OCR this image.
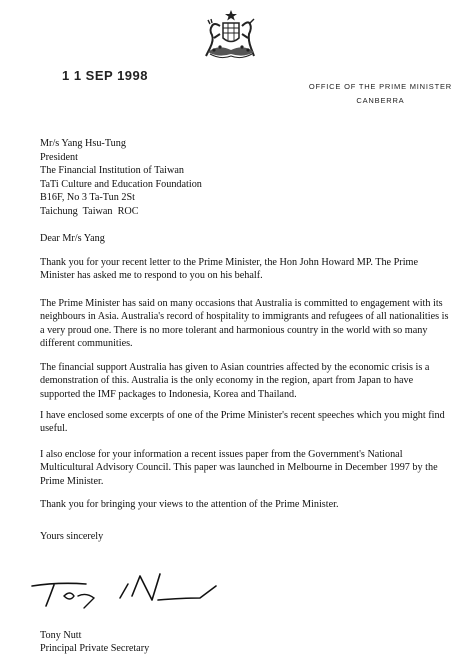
1 1 SEP 1998
OFFICE OF THE PRIME MINISTER
CANBERRA
Mr/s Yang Hsu-Tung
President
The Financial Institution of Taiwan
TaTi Culture and Education Foundation
B16F, No 3 Ta-Tun 2St
Taichung  Taiwan  ROC
Dear Mr/s Yang

Thank you for your recent letter to the Prime Minister, the Hon John Howard MP. The Prime Minister has asked me to respond to you on his behalf.

The Prime Minister has said on many occasions that Australia is committed to engagement with its neighbours in Asia. Australia's record of hospitality to immigrants and refugees of all nationalities is a very proud one. There is no more tolerant and harmonious country in the world with so many different communities.

The financial support Australia has given to Asian countries affected by the economic crisis is a demonstration of this. Australia is the only economy in the region, apart from Japan to have supported the IMF packages to Indonesia, Korea and Thailand.

I have enclosed some excerpts of one of the Prime Minister's recent speeches which you might find useful.

I also enclose for your information a recent issues paper from the Government's National Multicultural Advisory Council. This paper was launched in Melbourne in December 1997 by the Prime Minister.

Thank you for bringing your views to the attention of the Prime Minister.

Yours sincerely
Tony Nutt
Principal Private Secretary
